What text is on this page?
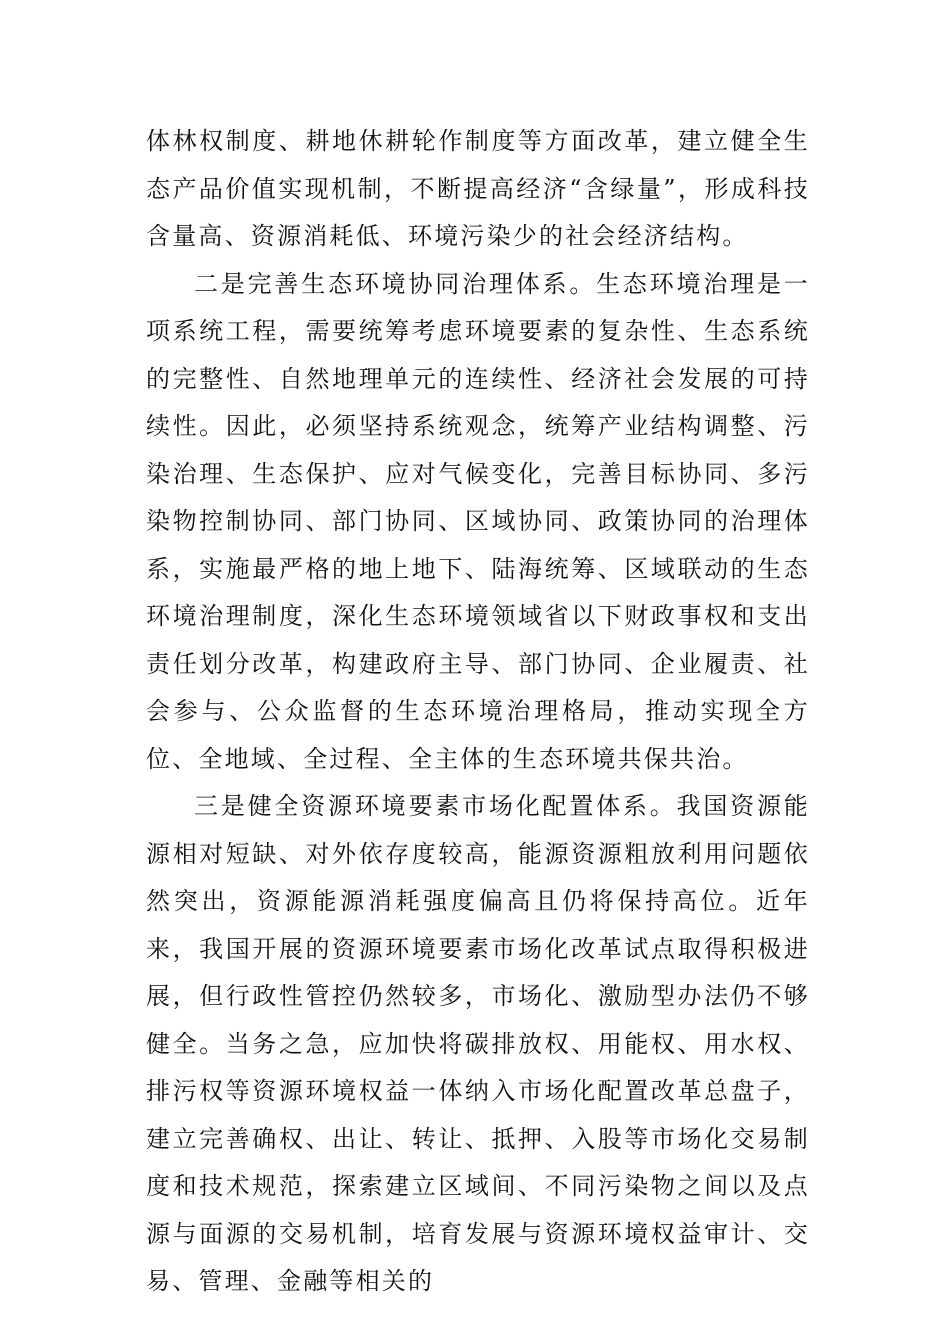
体林权制度、耕地休耕轮作制度等方面改革，建立健全生态产品价值实现机制，不断提高经济“含绿量”，形成科技含量高、资源消耗低、环境污染少的社会经济结构。

二是完善生态环境协同治理体系。生态环境治理是一项系统工程，需要统筹考虑环境要素的复杂性、生态系统的完整性、自然地理单元的连续性、经济社会发展的可持续性。因此，必须坚持系统观念，统筹产业结构调整、污染治理、生态保护、应对气候变化，完善目标协同、多污染物控制协同、部门协同、区域协同、政策协同的治理体系，实施最严格的地上地下、陆海统筹、区域联动的生态环境治理制度，深化生态环境领域省以下财政事权和支出责任划分改革，构建政府主导、部门协同、企业履责、社会参与、公众监督的生态环境治理格局，推动实现全方位、全地域、全过程、全主体的生态环境共保共治。

三是健全资源环境要素市场化配置体系。我国资源能源相对短缺、对外依存度较高，能源资源粗放利用问题依然突出，资源能源消耗强度偏高且仍将保持高位。近年来，我国开展的资源环境要素市场化改革试点取得积极进展，但行政性管控仍然较多，市场化、激励型办法仍不够健全。当务之急，应加快将碳排放权、用能权、用水权、排污权等资源环境权益一体纳入市场化配置改革总盘子，建立完善确权、出让、转让、抵押、入股等市场化交易制度和技术规范，探索建立区域间、不同污染物之间以及点源与面源的交易机制，培育发展与资源环境权益审计、交易、管理、金融等相关的
